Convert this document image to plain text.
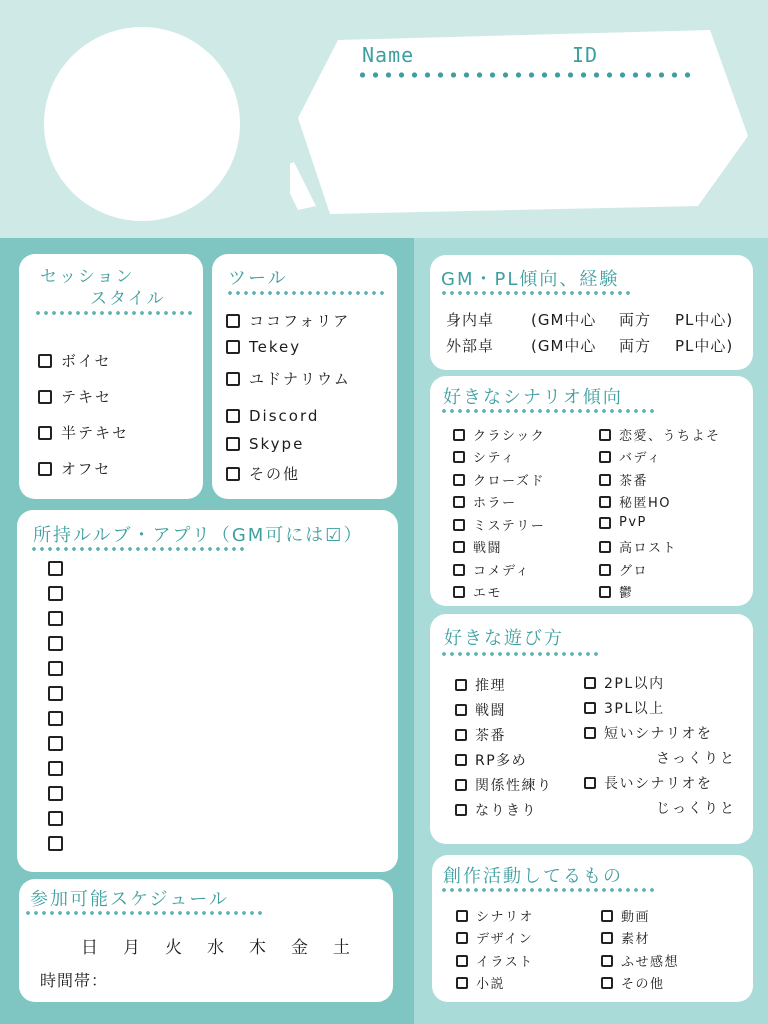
Name	ID
セッション
スタイル
ボイセ
テキセ
半テキセ
オフセ
ツール
ココフォリア
Tekey
ユドナリウム
Discord
Skype
その他
所持ルルブ・アプリ（GM可には☑）
参加可能スケジュール
日 月 火 水 木 金 土
時間帯：
GM・PL傾向、経験
身内卓 (GM中心 両方 PL中心)
外部卓 (GM中心 両方 PL中心)
好きなシナリオ傾向
クラシック
シティ
クローズド
ホラー
ミステリー
戦闘
コメディ
エモ
恋愛、うちよそ
バディ
茶番
秘匿HO
PvP
高ロスト
グロ
鬱
好きな遊び方
推理
戦闘
茶番
RP多め
関係性練り
なりきり
2PL以内
3PL以上
短いシナリオを
さっくりと
長いシナリオを
じっくりと
創作活動してるもの
シナリオ
デザイン
イラスト
小説
動画
素材
ふせ感想
その他
